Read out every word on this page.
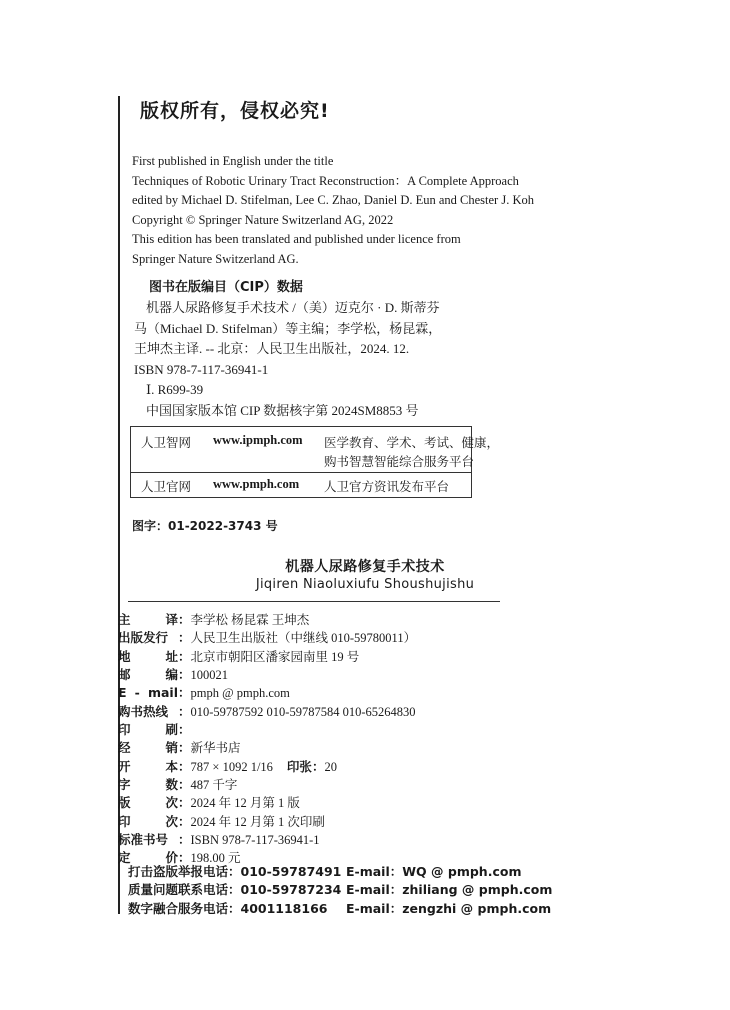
版权所有，侵权必究!
First published in English under the title
Techniques of Robotic Urinary Tract Reconstruction：A Complete Approach
edited by Michael D. Stifelman, Lee C. Zhao, Daniel D. Eun and Chester J. Koh
Copyright © Springer Nature Switzerland AG, 2022
This edition has been translated and published under licence from
Springer Nature Switzerland AG.
图书在版编目（CIP）数据
机器人尿路修复手术技术 /（美）迈克尔 · D. 斯蒂芬
马（Michael D. Stifelman）等主编；李学松，杨昆霖，
王坤杰主译. -- 北京：人民卫生出版社，2024. 12.
ISBN 978-7-117-36941-1
Ⅰ. R699-39
中国国家版本馆 CIP 数据核字第 2024SM8853 号
人卫智网 www.ipmph.com 医学教育、学术、考试、健康，
购书智慧智能综合服务平台
人卫官网 www.pmph.com 人卫官方资讯发布平台
图字：01-2022-3743 号
机器人尿路修复手术技术
Jiqiren Niaoluxiufu Shoushujishu
主	译 ： 李学松 杨昆霖 王坤杰
出版发行 ： 人民卫生出版社（中继线 010-59780011）
地	址 ： 北京市朝阳区潘家园南里 19 号
邮	编 ： 100021
E - mail ： pmph @ pmph.com
购书热线 ： 010-59787592 010-59787584 010-65264830
印	刷 ：
经	销 ： 新华书店
开	本 ： 787 × 1092 1/16 印张 ： 20
字	数 ： 487 千字
版	次 ： 2024 年 12 月第 1 版
印	次 ： 2024 年 12 月第 1 次印刷
标准书号 ： ISBN 978-7-117-36941-1
定	价 ： 198.00 元
打击盗版举报电话：010-59787491 E-mail：WQ @ pmph.com
质量问题联系电话：010-59787234 E-mail：zhiliang @ pmph.com
数字融合服务电话：4001118166	E-mail：zengzhi @ pmph.com
